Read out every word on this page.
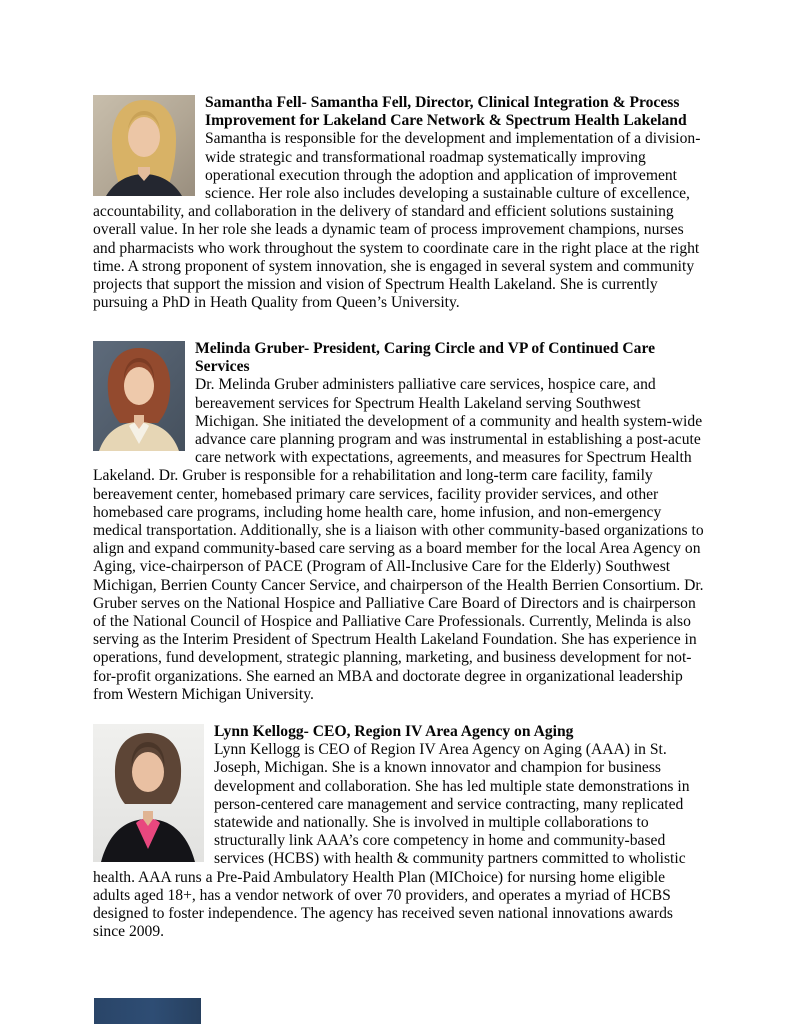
Samantha Fell- Samantha Fell, Director, Clinical Integration & Process Improvement for Lakeland Care Network & Spectrum Health Lakeland
Samantha is responsible for the development and implementation of a division-wide strategic and transformational roadmap systematically improving operational execution through the adoption and application of improvement science. Her role also includes developing a sustainable culture of excellence, accountability, and collaboration in the delivery of standard and efficient solutions sustaining overall value. In her role she leads a dynamic team of process improvement champions, nurses and pharmacists who work throughout the system to coordinate care in the right place at the right time. A strong proponent of system innovation, she is engaged in several system and community projects that support the mission and vision of Spectrum Health Lakeland. She is currently pursuing a PhD in Heath Quality from Queen’s University.
Melinda Gruber- President, Caring Circle and VP of Continued Care Services
Dr. Melinda Gruber administers palliative care services, hospice care, and bereavement services for Spectrum Health Lakeland serving Southwest Michigan. She initiated the development of a community and health system-wide advance care planning program and was instrumental in establishing a post-acute care network with expectations, agreements, and measures for Spectrum Health Lakeland. Dr. Gruber is responsible for a rehabilitation and long-term care facility, family bereavement center, homebased primary care services, facility provider services, and other homebased care programs, including home health care, home infusion, and non-emergency medical transportation. Additionally, she is a liaison with other community-based organizations to align and expand community-based care serving as a board member for the local Area Agency on Aging, vice-chairperson of PACE (Program of All-Inclusive Care for the Elderly) Southwest Michigan, Berrien County Cancer Service, and chairperson of the Health Berrien Consortium. Dr. Gruber serves on the National Hospice and Palliative Care Board of Directors and is chairperson of the National Council of Hospice and Palliative Care Professionals. Currently, Melinda is also serving as the Interim President of Spectrum Health Lakeland Foundation. She has experience in operations, fund development, strategic planning, marketing, and business development for not-for-profit organizations. She earned an MBA and doctorate degree in organizational leadership from Western Michigan University.
Lynn Kellogg- CEO, Region IV Area Agency on Aging
Lynn Kellogg is CEO of Region IV Area Agency on Aging (AAA) in St. Joseph, Michigan. She is a known innovator and champion for business development and collaboration. She has led multiple state demonstrations in person-centered care management and service contracting, many replicated statewide and nationally. She is involved in multiple collaborations to structurally link AAA’s core competency in home and community-based services (HCBS) with health & community partners committed to wholistic health. AAA runs a Pre-Paid Ambulatory Health Plan (MIChoice) for nursing home eligible adults aged 18+, has a vendor network of over 70 providers, and operates a myriad of HCBS designed to foster independence. The agency has received seven national innovations awards since 2009.
